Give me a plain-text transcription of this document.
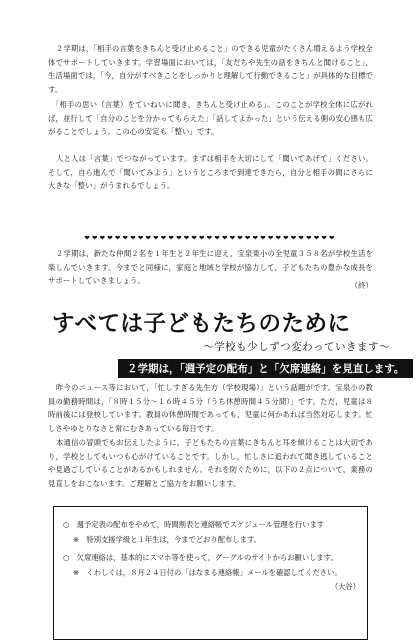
２学期は，「相手の言葉をきちんと受け止めること」のできる児童がたくさん増えるよう学校全体でサポートしていきます。学習場面においては，「友だちや先生の話をきちんと聞けること」，生活場面では，「今，自分がすべきことをしっかりと理解して行動できること」が具体的な目標です。

「相手の思い（言葉）をていねいに聞き，きちんと受け止める」。このことが学校全体に広がれば，並行して「自分のことを分かってもらえた」「話してよかった」という伝える側の安心感も広がることでしょう。この心の安定も「整い」です。

人と人は「言葉」でつながっています。まずは相手を大切にして「聞いてあげて」ください。そして，自ら進んで「聞いてみよう」というところまで到達できたら，自分と相手の間にさらに大きな「整い」がうまれるでしょう。

❤❤❤❤❤❤❤❤❤❤❤❤❤❤❤❤❤❤❤❤❤❤❤❤❤❤❤❤❤❤❤❤❤

２学期は，新たな仲間２名を１年生と２年生に迎え，宝泉東小の全児童３５８名が学校生活を楽しんでいきます。今までと同様に，家庭と地域と学校が協力して，子どもたちの豊かな成長をサポートしていきましょう。

（終）

すべては子どもたちのために
～学校も少しずつ変わっていきます～
２学期は，「週予定の配布」と「欠席連絡」を見直します。

昨今のニュース等において，「忙しすぎる先生方（学校現場）」という話題がです。宝泉小の教員の勤務時間は，「８時１５分～１６時４５分（うち休憩時間４５分間）」です。ただ，児童は８時前後には登校しています。教員の休憩時間であっても，児童に何かあれば当然対応します。忙しさやゆとりなさと常にむきあっている毎日です。

本通信の冒頭でもお伝えしたように，子どもたちの言葉にきちんと耳を傾けることは大切であり，学校としてもいつも心がけていることです。しかし，忙しさに追われて聞き逃していることや見過ごしていることがあるかもしれません。それを防ぐために，以下の２点について，業務の見直しをおこないます。ご理解とご協力をお願いします。

○　週予定表の配布をやめて，時間割表と連絡帳でスケジュール管理を行います

※　特別支援学級と１年生は，今までどおり配布します。

○　欠席連絡は，基本的にスマホ等を使って，グーグルのサイトからお願いします。

※　くわしくは，８月２４日付の「はなまる連絡帳」メールを確認してください。

（大谷）
